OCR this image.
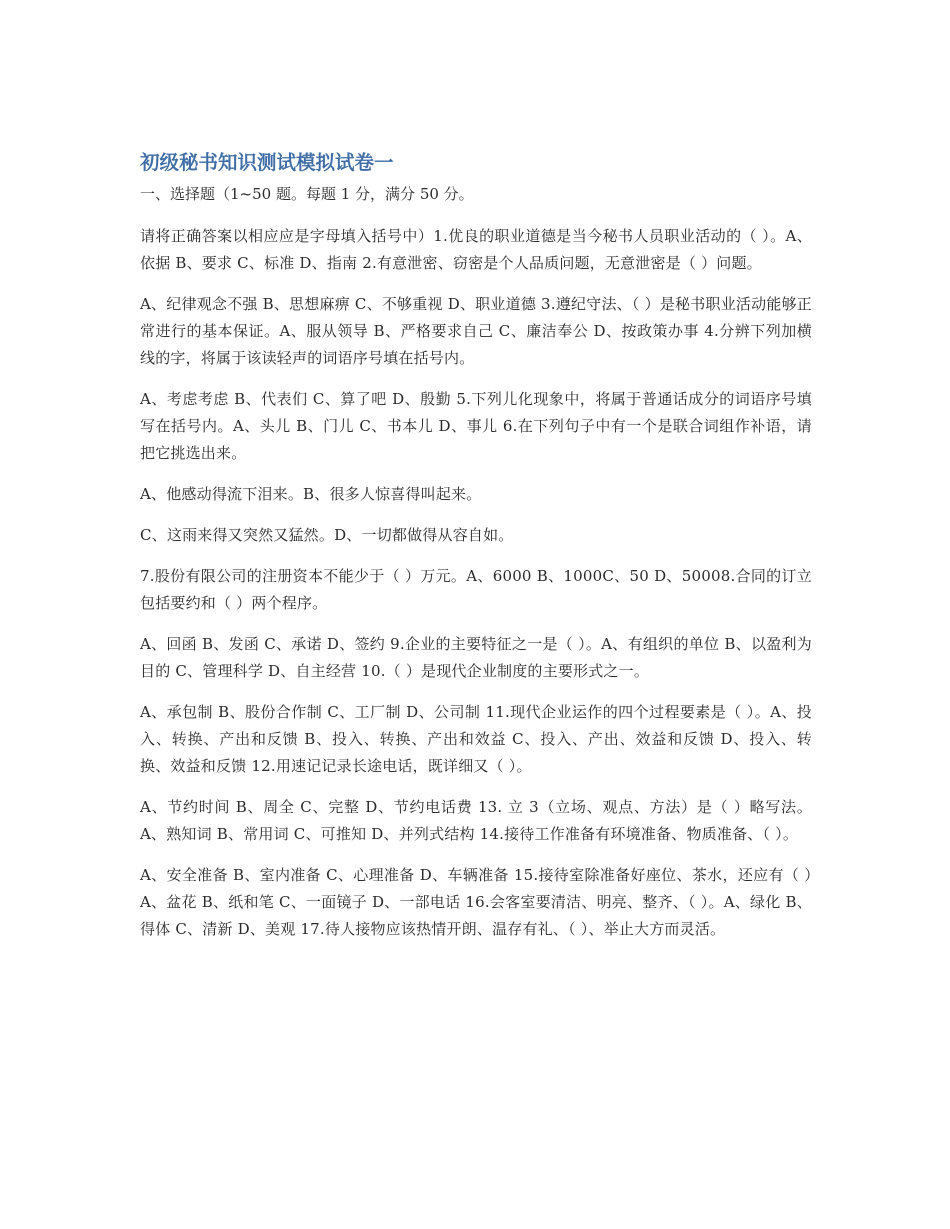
初级秘书知识测试模拟试卷一

一、选择题（1~50 题。每题 1 分，满分 50 分。

请将正确答案以相应应是字母填入括号中）1.优良的职业道德是当今秘书人员职业活动的（ ）。A、依据 B、要求 C、标准 D、指南 2.有意泄密、窃密是个人品质问题，无意泄密是（ ）问题。

A、纪律观念不强 B、思想麻痹 C、不够重视 D、职业道德 3.遵纪守法、（ ）是秘书职业活动能够正常进行的基本保证。A、服从领导 B、严格要求自己 C、廉洁奉公 D、按政策办事 4.分辨下列加横线的字，将属于该读轻声的词语序号填在括号内。

A、考虑考虑 B、代表们 C、算了吧 D、殷勤 5.下列儿化现象中，将属于普通话成分的词语序号填写在括号内。A、头儿 B、门儿 C、书本儿 D、事儿 6.在下列句子中有一个是联合词组作补语，请把它挑选出来。

A、他感动得流下泪来。B、很多人惊喜得叫起来。

C、这雨来得又突然又猛然。D、一切都做得从容自如。

7.股份有限公司的注册资本不能少于（ ）万元。A、6000 B、1000C、50 D、50008.合同的订立包括要约和（ ）两个程序。

A、回函 B、发函 C、承诺 D、签约 9.企业的主要特征之一是（ ）。A、有组织的单位 B、以盈利为目的 C、管理科学 D、自主经营 10.（ ）是现代企业制度的主要形式之一。

A、承包制 B、股份合作制 C、工厂制 D、公司制 11.现代企业运作的四个过程要素是（ ）。A、投入、转换、产出和反馈 B、投入、转换、产出和效益 C、投入、产出、效益和反馈 D、投入、转换、效益和反馈 12.用速记记录长途电话，既详细又（ ）。

A、节约时间 B、周全 C、完整 D、节约电话费 13. 立 3（立场、观点、方法）是（ ）略写法。A、熟知词 B、常用词 C、可推知 D、并列式结构 14.接待工作准备有环境准备、物质准备、（ ）。

A、安全准备 B、室内准备 C、心理准备 D、车辆准备 15.接待室除准备好座位、茶水，还应有（ ）A、盆花 B、纸和笔 C、一面镜子 D、一部电话 16.会客室要清洁、明亮、整齐、（ ）。A、绿化 B、得体 C、清新 D、美观 17.待人接物应该热情开朗、温存有礼、（ ）、举止大方而灵活。
